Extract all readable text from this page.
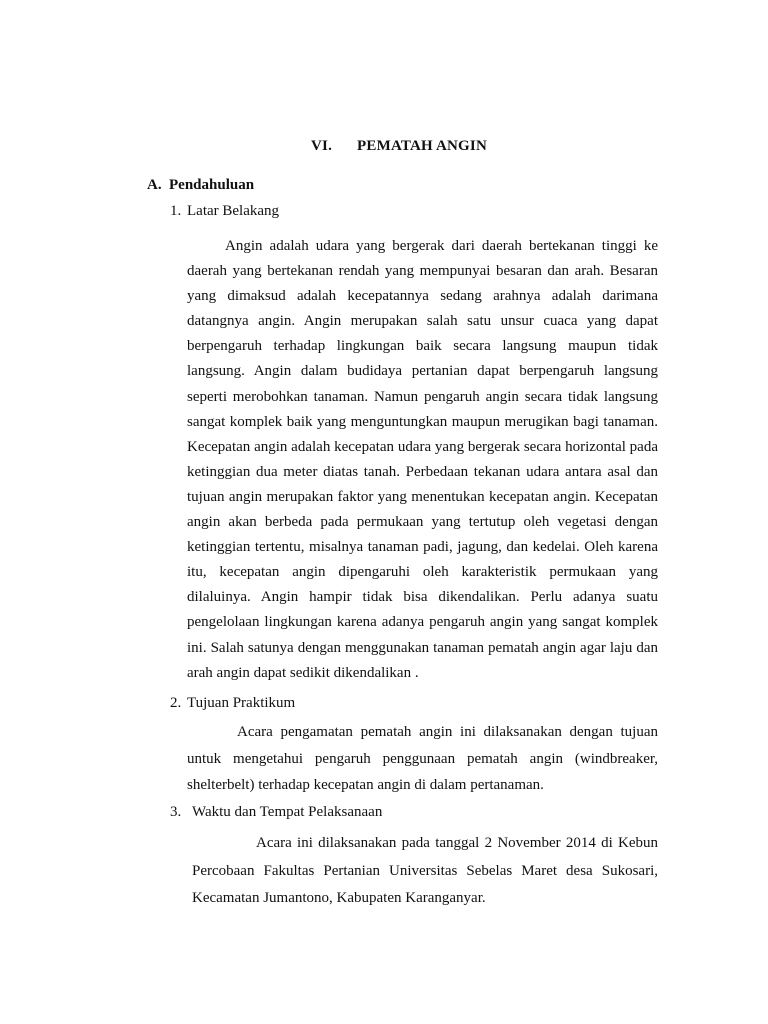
VI. PEMATAH ANGIN
A. Pendahuluan
1. Latar Belakang

Angin adalah udara yang bergerak dari daerah bertekanan tinggi ke daerah yang bertekanan rendah yang mempunyai besaran dan arah. Besaran yang dimaksud adalah kecepatannya sedang arahnya adalah darimana datangnya angin. Angin merupakan salah satu unsur cuaca yang dapat berpengaruh terhadap lingkungan baik secara langsung maupun tidak langsung. Angin dalam budidaya pertanian dapat berpengaruh langsung seperti merobohkan tanaman. Namun pengaruh angin secara tidak langsung sangat komplek baik yang menguntungkan maupun merugikan bagi tanaman. Kecepatan angin adalah kecepatan udara yang bergerak secara horizontal pada ketinggian dua meter diatas tanah. Perbedaan tekanan udara antara asal dan tujuan angin merupakan faktor yang menentukan kecepatan angin. Kecepatan angin akan berbeda pada permukaan yang tertutup oleh vegetasi dengan ketinggian tertentu, misalnya tanaman padi, jagung, dan kedelai. Oleh karena itu, kecepatan angin dipengaruhi oleh karakteristik permukaan yang dilaluinya. Angin hampir tidak bisa dikendalikan. Perlu adanya suatu pengelolaan lingkungan karena adanya pengaruh angin yang sangat komplek ini. Salah satunya dengan menggunakan tanaman pematah angin agar laju dan arah angin dapat sedikit dikendalikan .

2. Tujuan Praktikum

Acara pengamatan pematah angin ini dilaksanakan dengan tujuan untuk mengetahui pengaruh penggunaan pematah angin (windbreaker, shelterbelt) terhadap kecepatan angin di dalam pertanaman.

3. Waktu dan Tempat Pelaksanaan

Acara ini dilaksanakan pada tanggal 2 November 2014 di Kebun Percobaan Fakultas Pertanian Universitas Sebelas Maret desa Sukosari, Kecamatan Jumantono, Kabupaten Karanganyar.
